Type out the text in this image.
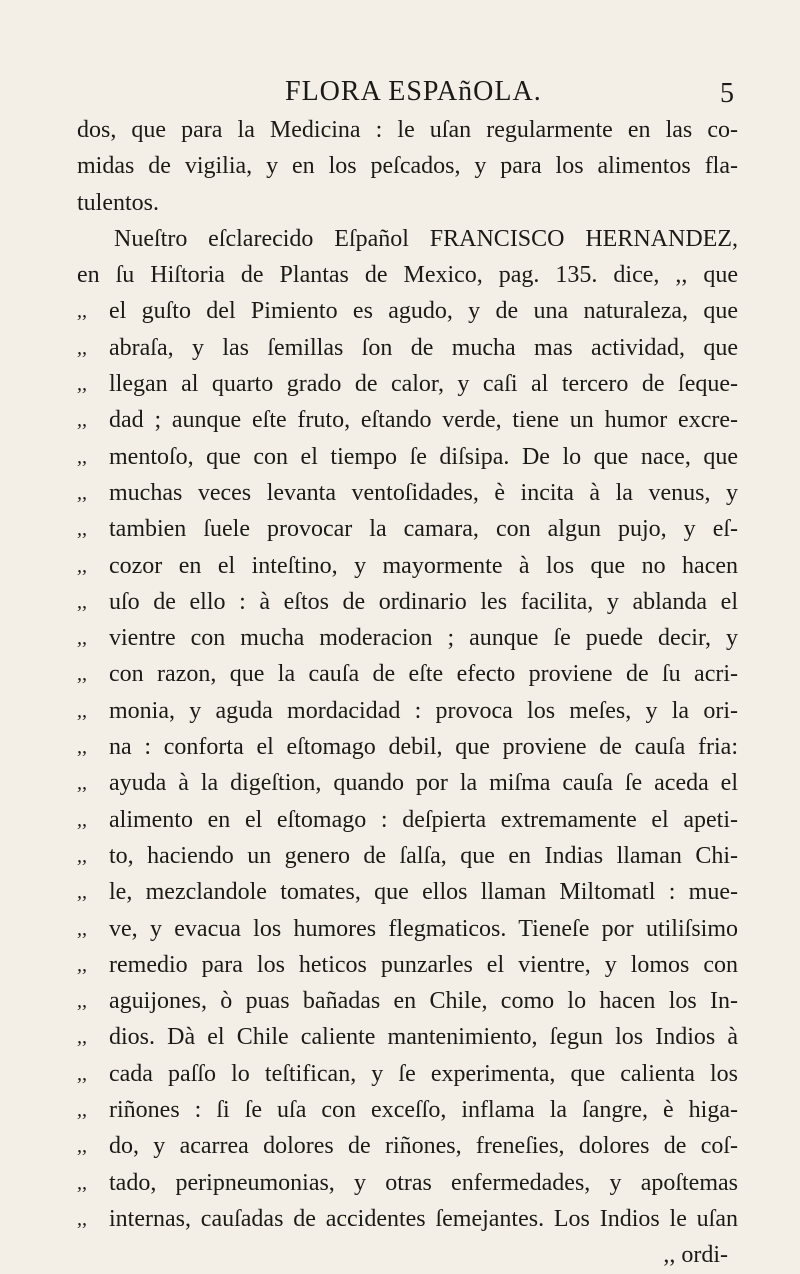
FLORA ESPAñOLA.	5
dos, que para la Medicina : le uſan regularmente en las co-
midas de vigilia, y en los peſcados, y para los alimentos fla-
tulentos.
Nueſtro eſclarecido Eſpañol FRANCISCO HERNANDEZ,
en ſu Hiſtoria de Plantas de Mexico, pag. 135. dice, ,, que
,, el guſto del Pimiento es agudo, y de una naturaleza, que
,, abraſa, y las ſemillas ſon de mucha mas actividad, que
,, llegan al quarto grado de calor, y caſi al tercero de ſeque-
,, dad ; aunque eſte fruto, eſtando verde, tiene un humor excre-
,, mentoſo, que con el tiempo ſe diſsipa. De lo que nace, que
,, muchas veces levanta ventoſidades, è incita à la venus, y
,, tambien ſuele provocar la camara, con algun pujo, y eſ-
,, cozor en el inteſtino, y mayormente à los que no hacen
,, uſo de ello : à eſtos de ordinario les facilita, y ablanda el
,, vientre con mucha moderacion ; aunque ſe puede decir, y
,, con razon, que la cauſa de eſte efecto proviene de ſu acri-
,, monia, y aguda mordacidad : provoca los meſes, y la ori-
,, na : conforta el eſtomago debil, que proviene de cauſa fria:
,, ayuda à la digeſtion, quando por la miſma cauſa ſe aceda el
,, alimento en el eſtomago : deſpierta extremamente el apeti-
,, to, haciendo un genero de ſalſa, que en Indias llaman Chi-
,, le, mezclandole tomates, que ellos llaman Miltomatl : mue-
,, ve, y evacua los humores flegmaticos. Tieneſe por utiliſsimo
,, remedio para los heticos punzarles el vientre, y lomos con
,, aguijones, ò puas bañadas en Chile, como lo hacen los In-
,, dios. Dà el Chile caliente mantenimiento, ſegun los Indios à
,, cada paſſo lo teſtifican, y ſe experimenta, que calienta los
,, riñones : ſi ſe uſa con exceſſo, inflama la ſangre, è higa-
,, do, y acarrea dolores de riñones, freneſies, dolores de coſ-
,, tado, peripneumonias, y otras enfermedades, y apoſtemas
,, internas, cauſadas de accidentes ſemejantes. Los Indios le uſan
,, ordi-
